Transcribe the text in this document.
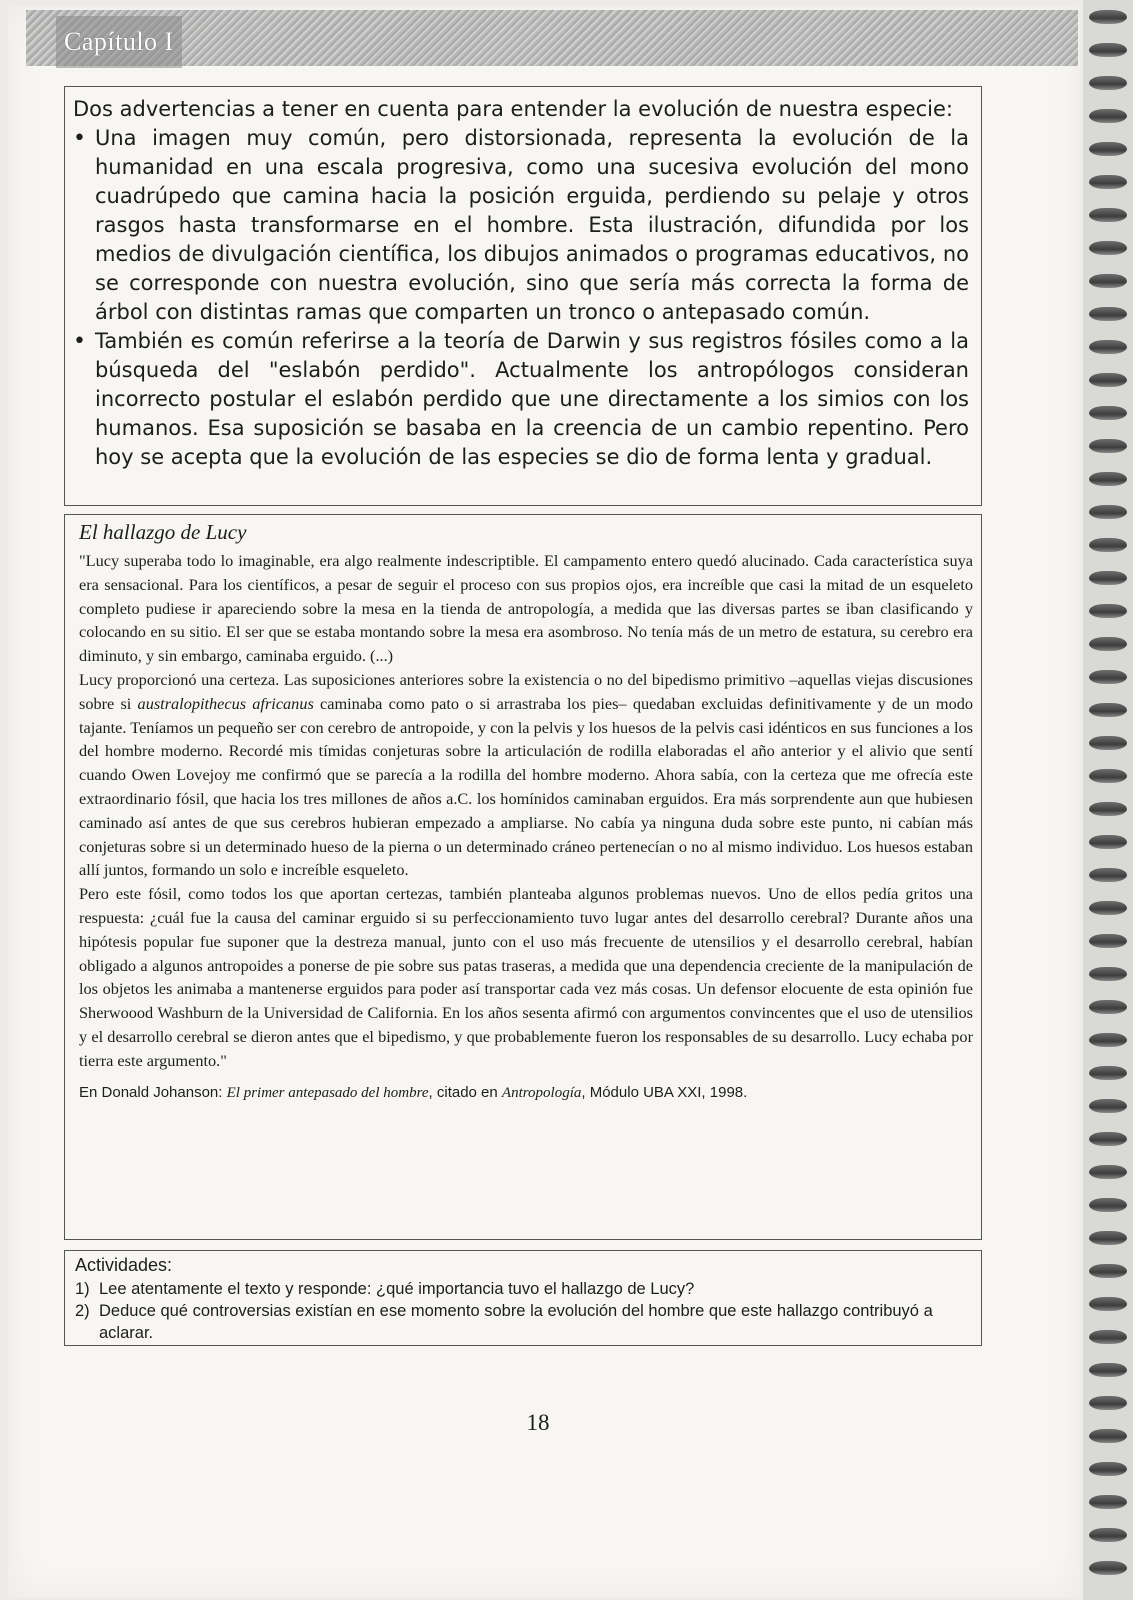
Capítulo I

Dos advertencias a tener en cuenta para entender la evolución de nuestra especie:

• Una imagen muy común, pero distorsionada, representa la evolución de la humanidad en una escala progresiva, como una sucesiva evolución del mono cuadrúpedo que camina hacia la posición erguida, perdiendo su pelaje y otros rasgos hasta transformarse en el hombre. Esta ilustración, difundida por los medios de divulgación científica, los dibujos animados o programas educativos, no se corresponde con nuestra evolución, sino que sería más correcta la forma de árbol con distintas ramas que comparten un tronco o antepasado común.

• También es común referirse a la teoría de Darwin y sus registros fósiles como a la búsqueda del "eslabón perdido". Actualmente los antropólogos consideran incorrecto postular el eslabón perdido que une directamente a los simios con los humanos. Esa suposición se basaba en la creencia de un cambio repentino. Pero hoy se acepta que la evolución de las especies se dio de forma lenta y gradual.

El hallazgo de Lucy

"Lucy superaba todo lo imaginable, era algo realmente indescriptible. El campamento entero quedó alucinado. Cada característica suya era sensacional. Para los científicos, a pesar de seguir el proceso con sus propios ojos, era increíble que casi la mitad de un esqueleto completo pudiese ir apareciendo sobre la mesa en la tienda de antropología, a medida que las diversas partes se iban clasificando y colocando en su sitio. El ser que se estaba montando sobre la mesa era asombroso. No tenía más de un metro de estatura, su cerebro era diminuto, y sin embargo, caminaba erguido. (...)

Lucy proporcionó una certeza. Las suposiciones anteriores sobre la existencia o no del bipedismo primitivo –aquellas viejas discusiones sobre si australopithecus africanus caminaba como pato o si arrastraba los pies– quedaban excluidas definitivamente y de un modo tajante. Teníamos un pequeño ser con cerebro de antropoide, y con la pelvis y los huesos de la pelvis casi idénticos en sus funciones a los del hombre moderno. Recordé mis tímidas conjeturas sobre la articulación de rodilla elaboradas el año anterior y el alivio que sentí cuando Owen Lovejoy me confirmó que se parecía a la rodilla del hombre moderno. Ahora sabía, con la certeza que me ofrecía este extraordinario fósil, que hacia los tres millones de años a.C. los homínidos caminaban erguidos. Era más sorprendente aun que hubiesen caminado así antes de que sus cerebros hubieran empezado a ampliarse. No cabía ya ninguna duda sobre este punto, ni cabían más conjeturas sobre si un determinado hueso de la pierna o un determinado cráneo pertenecían o no al mismo individuo. Los huesos estaban allí juntos, formando un solo e increíble esqueleto.

Pero este fósil, como todos los que aportan certezas, también planteaba algunos problemas nuevos. Uno de ellos pedía gritos una respuesta: ¿cuál fue la causa del caminar erguido si su perfeccionamiento tuvo lugar antes del desarrollo cerebral? Durante años una hipótesis popular fue suponer que la destreza manual, junto con el uso más frecuente de utensilios y el desarrollo cerebral, habían obligado a algunos antropoides a ponerse de pie sobre sus patas traseras, a medida que una dependencia creciente de la manipulación de los objetos les animaba a mantenerse erguidos para poder así transportar cada vez más cosas. Un defensor elocuente de esta opinión fue Sherwoood Washburn de la Universidad de California. En los años sesenta afirmó con argumentos convincentes que el uso de utensilios y el desarrollo cerebral se dieron antes que el bipedismo, y que probablemente fueron los responsables de su desarrollo. Lucy echaba por tierra este argumento."

En Donald Johanson: El primer antepasado del hombre, citado en Antropología, Módulo UBA XXI, 1998.

Actividades:
1) Lee atentamente el texto y responde: ¿qué importancia tuvo el hallazgo de Lucy?
2) Deduce qué controversias existían en ese momento sobre la evolución del hombre que este hallazgo contribuyó a aclarar.
18
